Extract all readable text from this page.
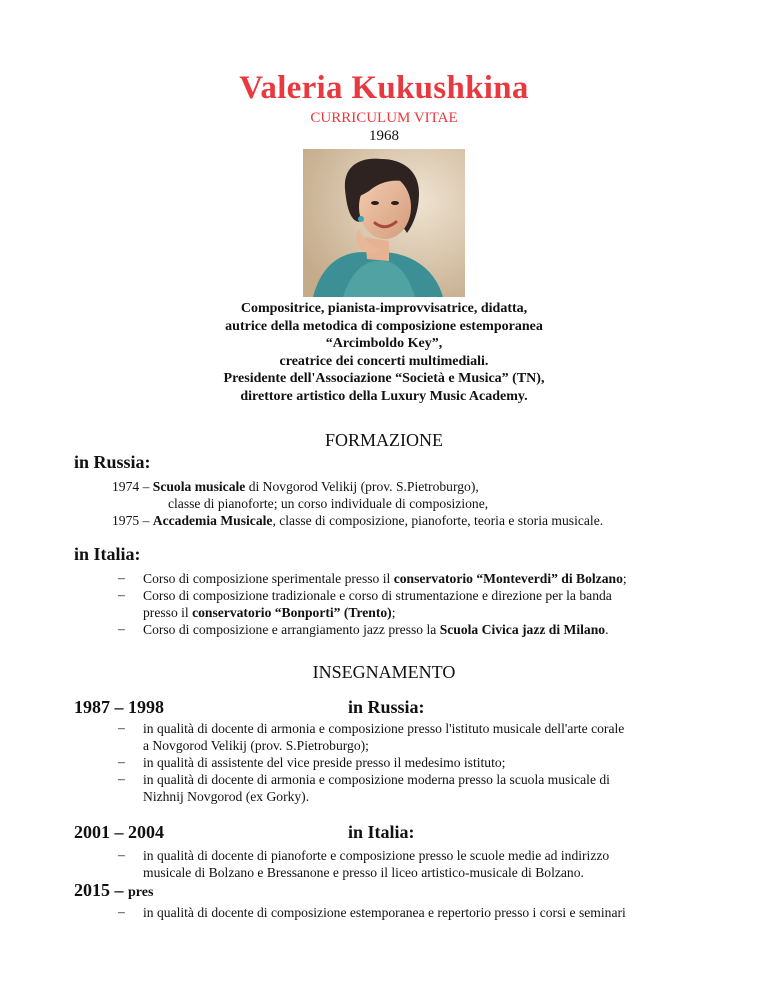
Valeria Kukushkina
CURRICULUM VITAE
1968
Compositrice, pianista-improvvisatrice, didatta,
autrice della metodica di composizione estemporanea
“Arcimboldo Key”,
creatrice dei concerti multimediali.
Presidente dell'Associazione “Società e Musica” (TN),
direttore artistico della Luxury Music Academy.
FORMAZIONE
in Russia:
1974 – Scuola musicale di Novgorod Velikij (prov. S.Pietroburgo),
classe di pianoforte; un corso individuale di composizione,
1975 – Accademia Musicale, classe di composizione, pianoforte, teoria e storia musicale.
in Italia:
– Corso di composizione sperimentale presso il conservatorio “Monteverdi” di Bolzano;
– Corso di composizione tradizionale e corso di strumentazione e direzione per la banda
presso il conservatorio “Bonporti” (Trento);
– Corso di composizione e arrangiamento jazz presso la Scuola Civica jazz di Milano.
INSEGNAMENTO
1987 – 1998	in Russia:
– in qualità di docente di armonia e composizione presso l'istituto musicale dell'arte corale
a Novgorod Velikij (prov. S.Pietroburgo);
– in qualità di assistente del vice preside presso il medesimo istituto;
– in qualità di docente di armonia e composizione moderna presso la scuola musicale di
Nizhnij Novgorod (ex Gorky).
2001 – 2004	in Italia:
– in qualità di docente di pianoforte e composizione presso le scuole medie ad indirizzo
musicale di Bolzano e Bressanone e presso il liceo artistico-musicale di Bolzano.
2015 – pres
– in qualità di docente di composizione estemporanea e repertorio presso i corsi e seminari
